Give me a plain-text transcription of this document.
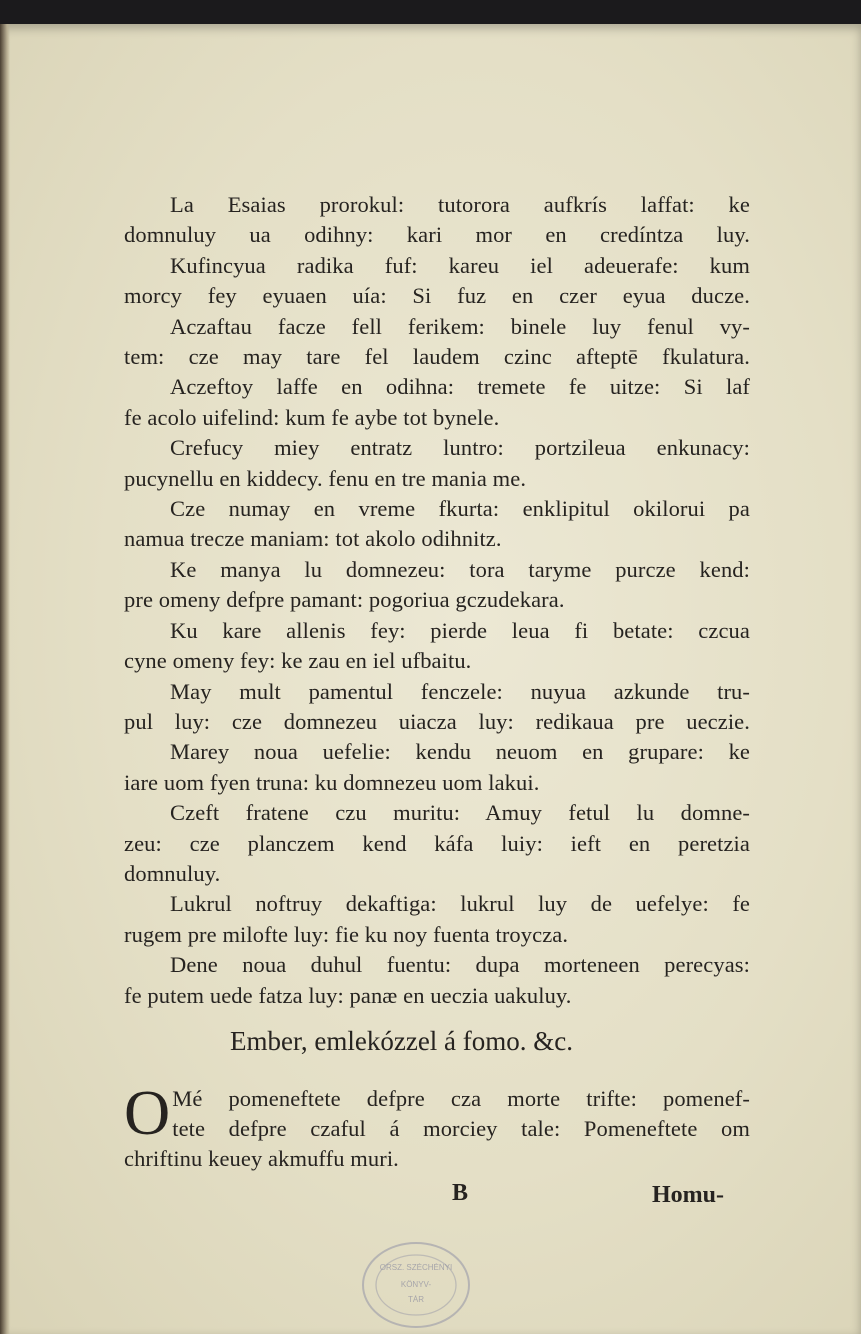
La Esaias prorokul: tutorora aufkrís laffat: ke
domnuluy ua odihny: kari mor en credíntza luy.
Kufincyua radika fuf: kareu iel adeuerafe: kum
morcy fey eyuaen uía: Si fuz en czer eyua ducze.
Aczaftau facze fell ferikem: binele luy fenul vy-
tem: cze may tare fel laudem czinc afteptē fkulatura.
Aczeftoy laffe en odihna: tremete fe uitze: Si laf
fe acolo uifelind: kum fe aybe tot bynele.
Crefucy miey entratz luntro: portzileua enkunacy:
pucynellu en kiddecy. fenu en tre mania me.
Cze numay en vreme fkurta: enklipitul okilorui pa
namua trecze maniam: tot akolo odihnitz.
Ke manya lu domnezeu: tora taryme purcze kend:
pre omeny defpre pamant: pogoriua gczudekara.
Ku kare allenis fey: pierde leua fi betate: czcua
cyne omeny fey: ke zau en iel ufbaitu.
May mult pamentul fenczele: nuyua azkunde tru-
pul luy: cze domnezeu uiacza luy: redikaua pre ueczie.
Marey noua uefelie: kendu neuom en grupare: ke
iare uom fyen truna: ku domnezeu uom lakui.
Czeft fratene czu muritu: Amuy fetul lu domne-
zeu: cze planczem kend káfa luiy: ieft en peretzia
domnuluy.
Lukrul noftruy dekaftiga: lukrul luy de uefelye: fe
rugem pre milofte luy: fie ku noy fuenta troycza.
Dene noua duhul fuentu: dupa morteneen perecyas:
fe putem uede fatza luy: panæ en ueczia uakuluy.
Ember, emlekózzel á fomo. &c.
O Mé pomeneftete defpre cza morte trifte: pomenef-
tete defpre czaful á morciey tale: Pomeneftete om
chriftinu keuey akmuffu muri.
B	Homu-
ORSZ. SZÉCHÉNYI
KÖNYV-
TÁR
